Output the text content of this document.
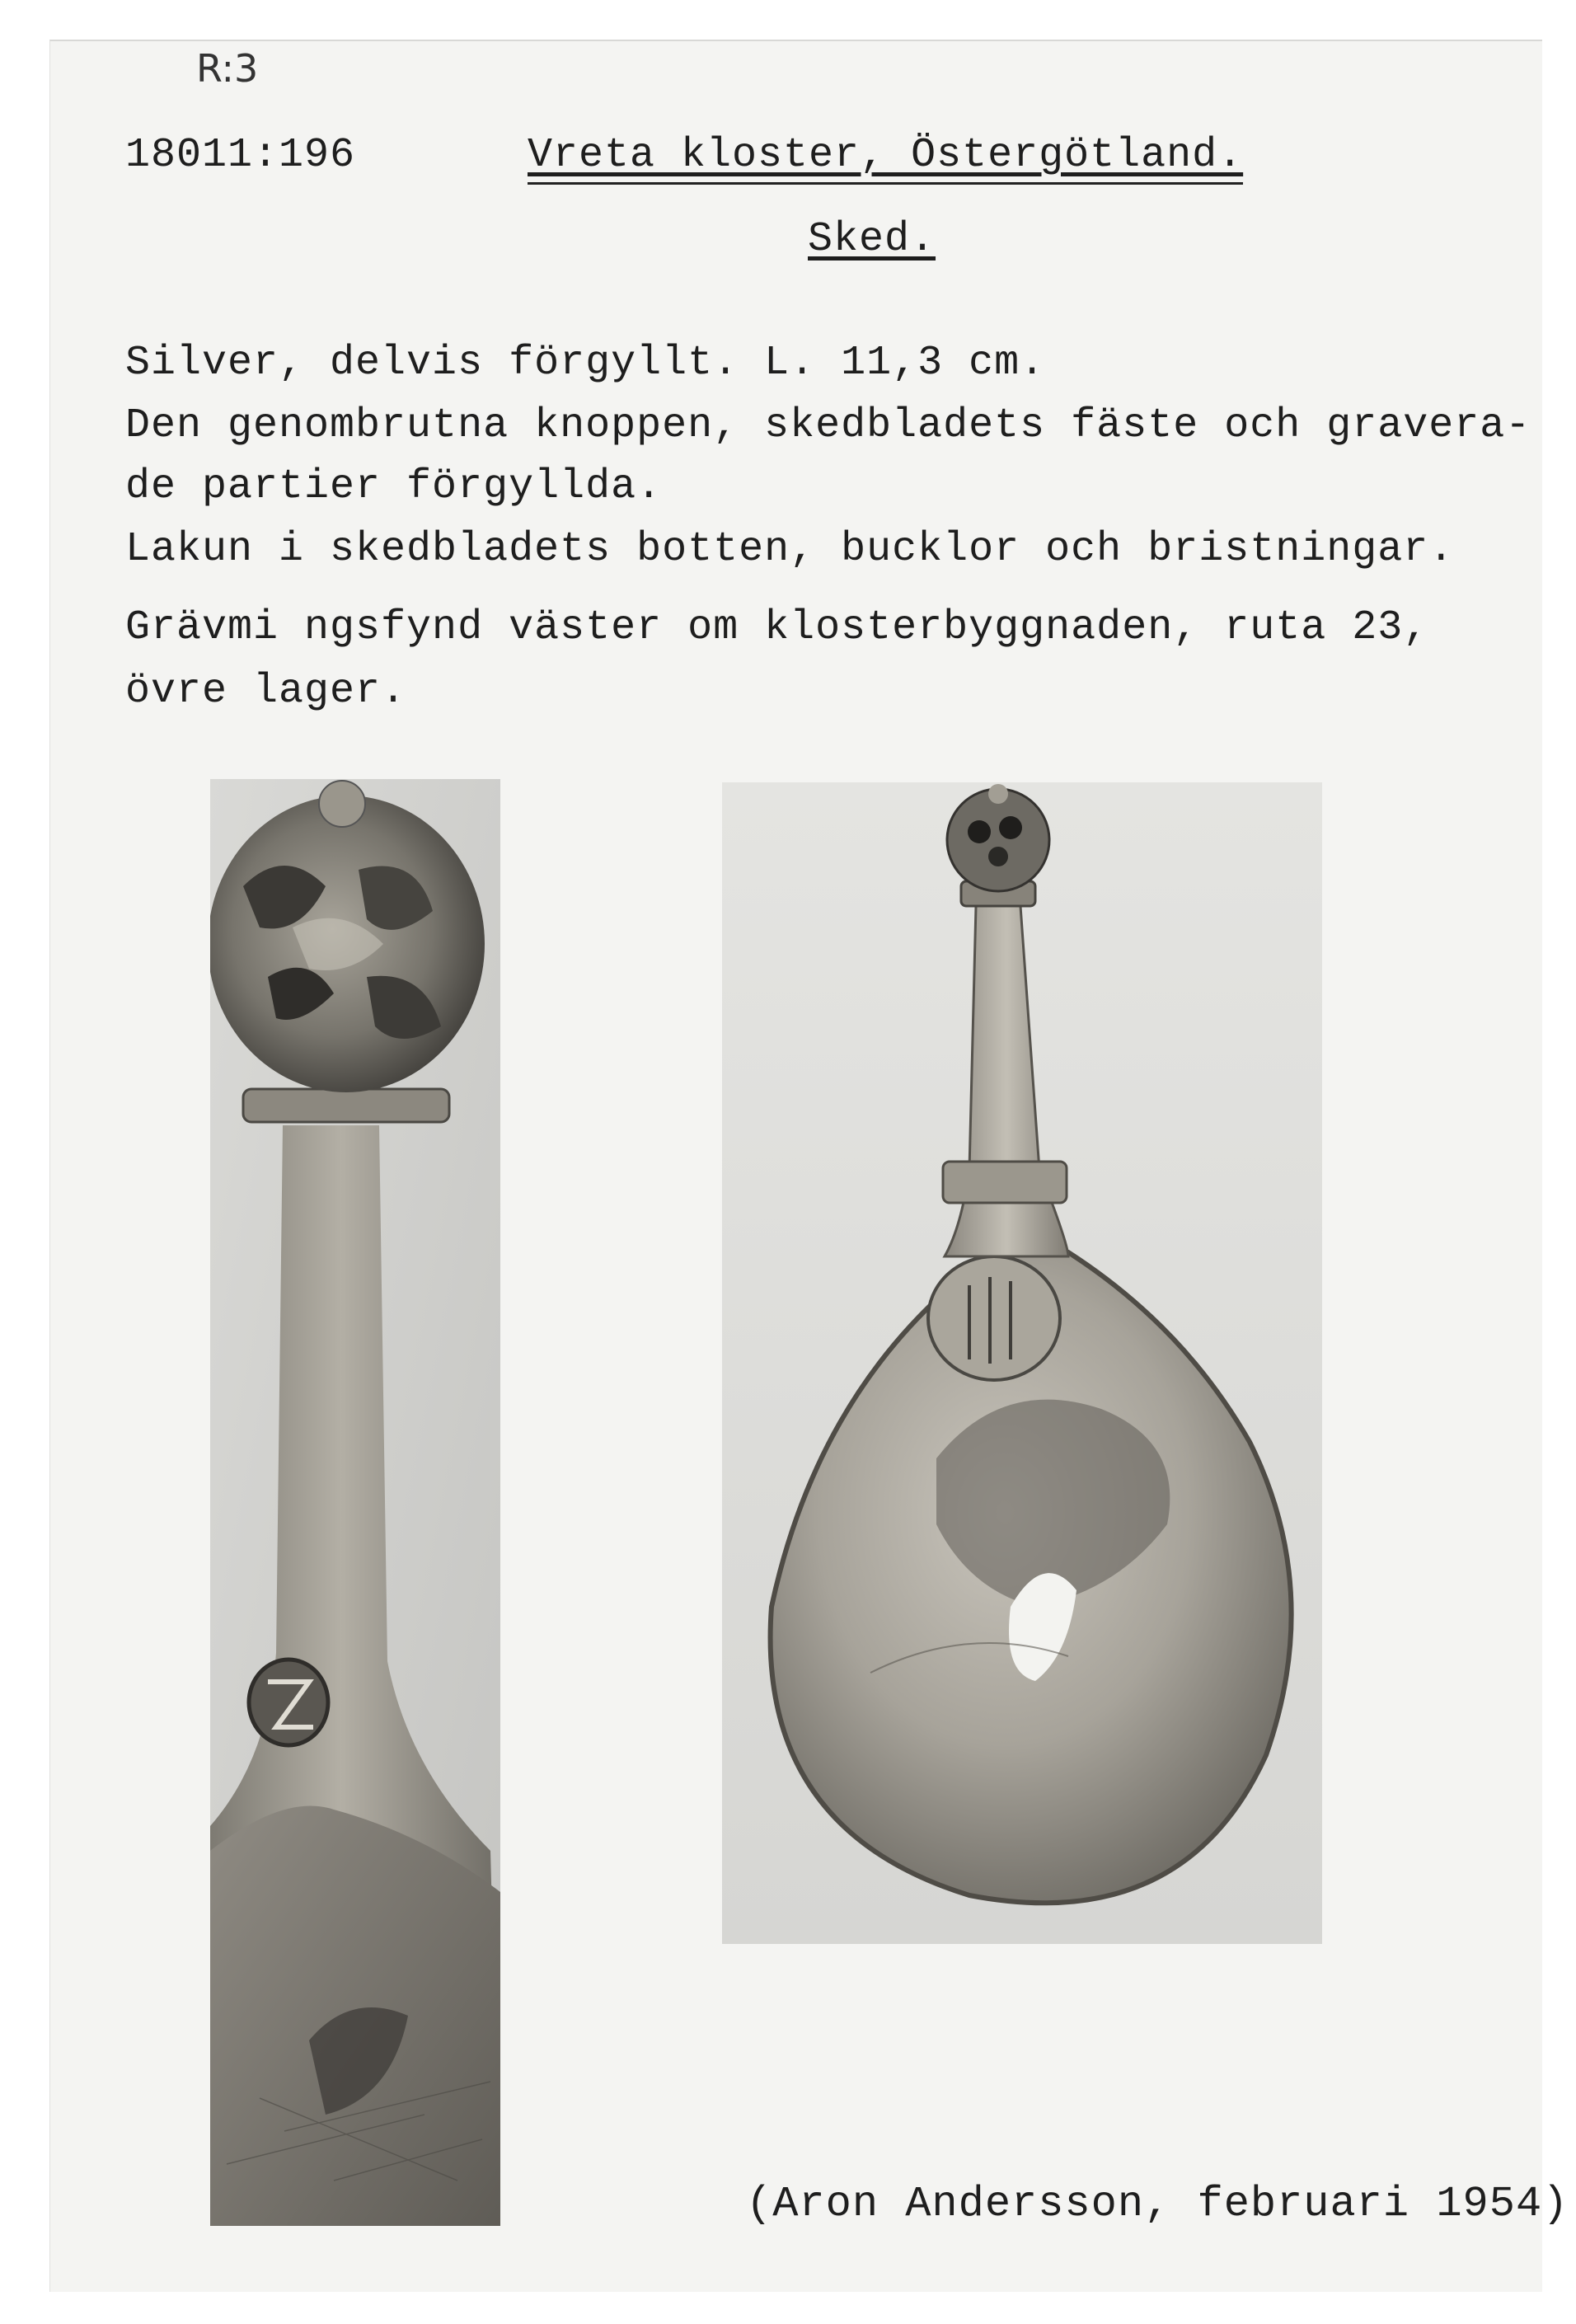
R:3
18011:196	Vreta kloster, Östergötland.
Sked.
Silver, delvis förgyllt. L. 11,3 cm.
Den genombrutna knoppen, skedbladets fäste och gravera-
de partier förgyllda.
Lakun i skedbladets botten, bucklor och bristningar.
Grävmi ngsfynd väster om klosterbyggnaden, ruta 23,
övre lager.
(Aron Andersson, februari 1954)
